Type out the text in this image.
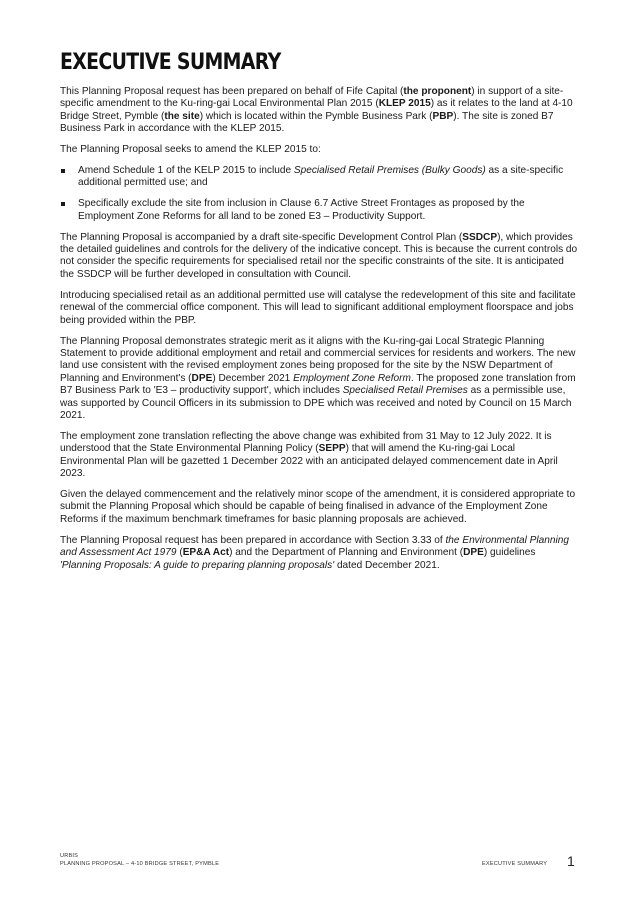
EXECUTIVE SUMMARY

This Planning Proposal request has been prepared on behalf of Fife Capital (the proponent) in support of a site-specific amendment to the Ku-ring-gai Local Environmental Plan 2015 (KLEP 2015) as it relates to the land at 4-10 Bridge Street, Pymble (the site) which is located within the Pymble Business Park (PBP). The site is zoned B7 Business Park in accordance with the KLEP 2015.

The Planning Proposal seeks to amend the KLEP 2015 to:

Amend Schedule 1 of the KELP 2015 to include Specialised Retail Premises (Bulky Goods) as a site-specific additional permitted use; and
Specifically exclude the site from inclusion in Clause 6.7 Active Street Frontages as proposed by the Employment Zone Reforms for all land to be zoned E3 – Productivity Support.

The Planning Proposal is accompanied by a draft site-specific Development Control Plan (SSDCP), which provides the detailed guidelines and controls for the delivery of the indicative concept. This is because the current controls do not consider the specific requirements for specialised retail nor the specific constraints of the site. It is anticipated the SSDCP will be further developed in consultation with Council.

Introducing specialised retail as an additional permitted use will catalyse the redevelopment of this site and facilitate renewal of the commercial office component. This will lead to significant additional employment floorspace and jobs being provided within the PBP.

The Planning Proposal demonstrates strategic merit as it aligns with the Ku-ring-gai Local Strategic Planning Statement to provide additional employment and retail and commercial services for residents and workers. The new land use consistent with the revised employment zones being proposed for the site by the NSW Department of Planning and Environment's (DPE) December 2021 Employment Zone Reform. The proposed zone translation from B7 Business Park to 'E3 – productivity support', which includes Specialised Retail Premises as a permissible use, was supported by Council Officers in its submission to DPE which was received and noted by Council on 15 March 2021.

The employment zone translation reflecting the above change was exhibited from 31 May to 12 July 2022. It is understood that the State Environmental Planning Policy (SEPP) that will amend the Ku-ring-gai Local Environmental Plan will be gazetted 1 December 2022 with an anticipated delayed commencement date in April 2023.

Given the delayed commencement and the relatively minor scope of the amendment, it is considered appropriate to submit the Planning Proposal which should be capable of being finalised in advance of the Employment Zone Reforms if the maximum benchmark timeframes for basic planning proposals are achieved.

The Planning Proposal request has been prepared in accordance with Section 3.33 of the Environmental Planning and Assessment Act 1979 (EP&A Act) and the Department of Planning and Environment (DPE) guidelines 'Planning Proposals: A guide to preparing planning proposals' dated December 2021.

URBIS
PLANNING PROPOSAL – 4-10 BRIDGE STREET, PYMBLE	EXECUTIVE SUMMARY 1
